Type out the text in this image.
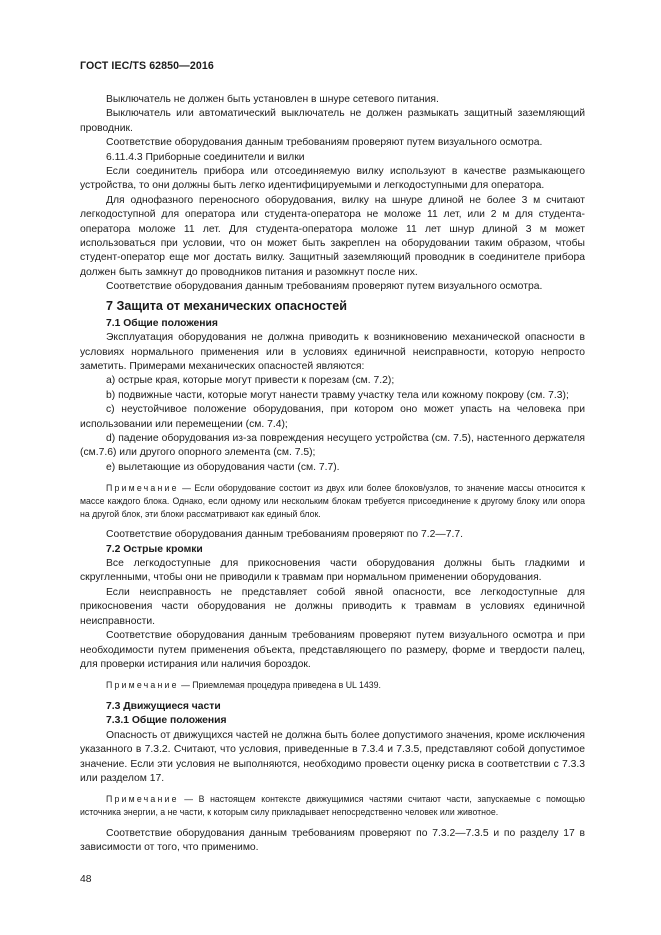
ГОСТ IEC/TS 62850—2016

Выключатель не должен быть установлен в шнуре сетевого питания.

Выключатель или автоматический выключатель не должен размыкать защитный заземляющий проводник.

Соответствие оборудования данным требованиям проверяют путем визуального осмотра.

6.11.4.3 Приборные соединители и вилки

Если соединитель прибора или отсоединяемую вилку используют в качестве размыкающего устройства, то они должны быть легко идентифицируемыми и легкодоступными для оператора.

Для однофазного переносного оборудования, вилку на шнуре длиной не более 3 м считают легкодоступной для оператора или студента-оператора не моложе 11 лет, или 2 м для студента-оператора моложе 11 лет. Для студента-оператора моложе 11 лет шнур длиной 3 м может использоваться при условии, что он может быть закреплен на оборудовании таким образом, чтобы студент-оператор еще мог достать вилку. Защитный заземляющий проводник в соединителе прибора должен быть замкнут до проводников питания и разомкнут после них.

Соответствие оборудования данным требованиям проверяют путем визуального осмотра.

7 Защита от механических опасностей

7.1 Общие положения

Эксплуатация оборудования не должна приводить к возникновению механической опасности в условиях нормального применения или в условиях единичной неисправности, которую непросто заметить. Примерами механических опасностей являются:

a) острые края, которые могут привести к порезам (см. 7.2);

b) подвижные части, которые могут нанести травму участку тела или кожному покрову (см. 7.3);

c) неустойчивое положение оборудования, при котором оно может упасть на человека при использовании или перемещении (см. 7.4);

d) падение оборудования из-за повреждения несущего устройства (см. 7.5), настенного держателя (см.7.6) или другого опорного элемента (см. 7.5);

e) вылетающие из оборудования части (см. 7.7).

Примечание — Если оборудование состоит из двух или более блоков/узлов, то значение массы относится к массе каждого блока. Однако, если одному или нескольким блокам требуется присоединение к другому блоку или опора на другой блок, эти блоки рассматривают как единый блок.

Соответствие оборудования данным требованиям проверяют по 7.2—7.7.

7.2 Острые кромки

Все легкодоступные для прикосновения части оборудования должны быть гладкими и скругленными, чтобы они не приводили к травмам при нормальном применении оборудования.

Если неисправность не представляет собой явной опасности, все легкодоступные для прикосновения части оборудования не должны приводить к травмам в условиях единичной неисправности.

Соответствие оборудования данным требованиям проверяют путем визуального осмотра и при необходимости путем применения объекта, представляющего по размеру, форме и твердости палец, для проверки истирания или наличия бороздок.

Примечание — Приемлемая процедура приведена в UL 1439.

7.3 Движущиеся части

7.3.1 Общие положения

Опасность от движущихся частей не должна быть более допустимого значения, кроме исключения указанного в 7.3.2. Считают, что условия, приведенные в 7.3.4 и 7.3.5, представляют собой допустимое значение. Если эти условия не выполняются, необходимо провести оценку риска в соответствии с 7.3.3 или разделом 17.

Примечание — В настоящем контексте движущимися частями считают части, запускаемые с помощью источника энергии, а не части, к которым силу прикладывает непосредственно человек или животное.

Соответствие оборудования данным требованиям проверяют по 7.3.2—7.3.5 и по разделу 17 в зависимости от того, что применимо.

48
